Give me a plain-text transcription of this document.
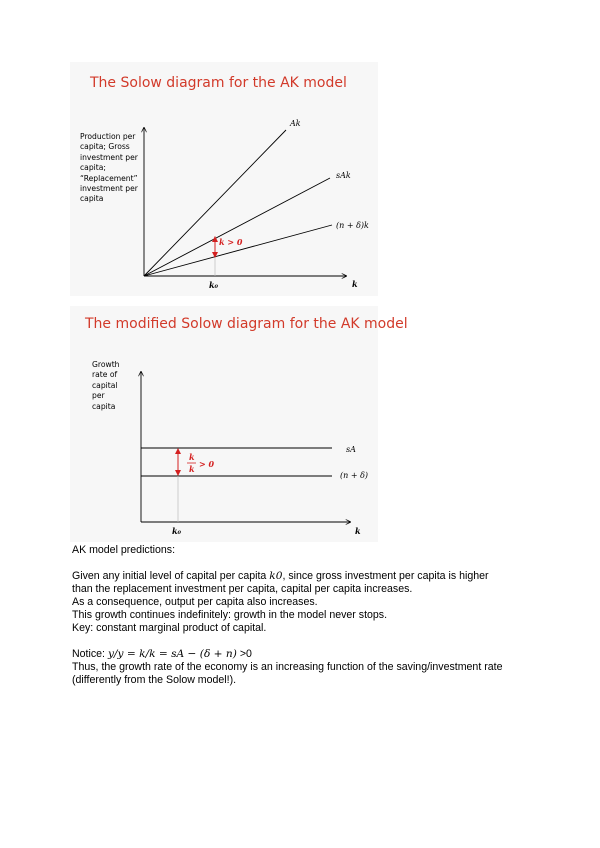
The Solow diagram for the AK model
Production per
capita; Gross
investment per
capita;
“Replacement”
investment per
capita
Ak
sAk
(n + δ)k
k > 0
k₀	k
The modified Solow diagram for the AK model
Growth
rate of
capital
per
capita
sA
(n + δ)
k
k > 0
k₀	k

AK model predictions:

Given any initial level of capital per capita k0, since gross investment per capita is higher

than the replacement investment per capita, capital per capita increases.

As a consequence, output per capita also increases.

This growth continues indefinitely: growth in the model never stops.

Key: constant marginal product of capital.

Notice: y/y = k/k = sA − (δ + n) >0

Thus, the growth rate of the economy is an increasing function of the saving/investment rate

(differently from the Solow model!).
